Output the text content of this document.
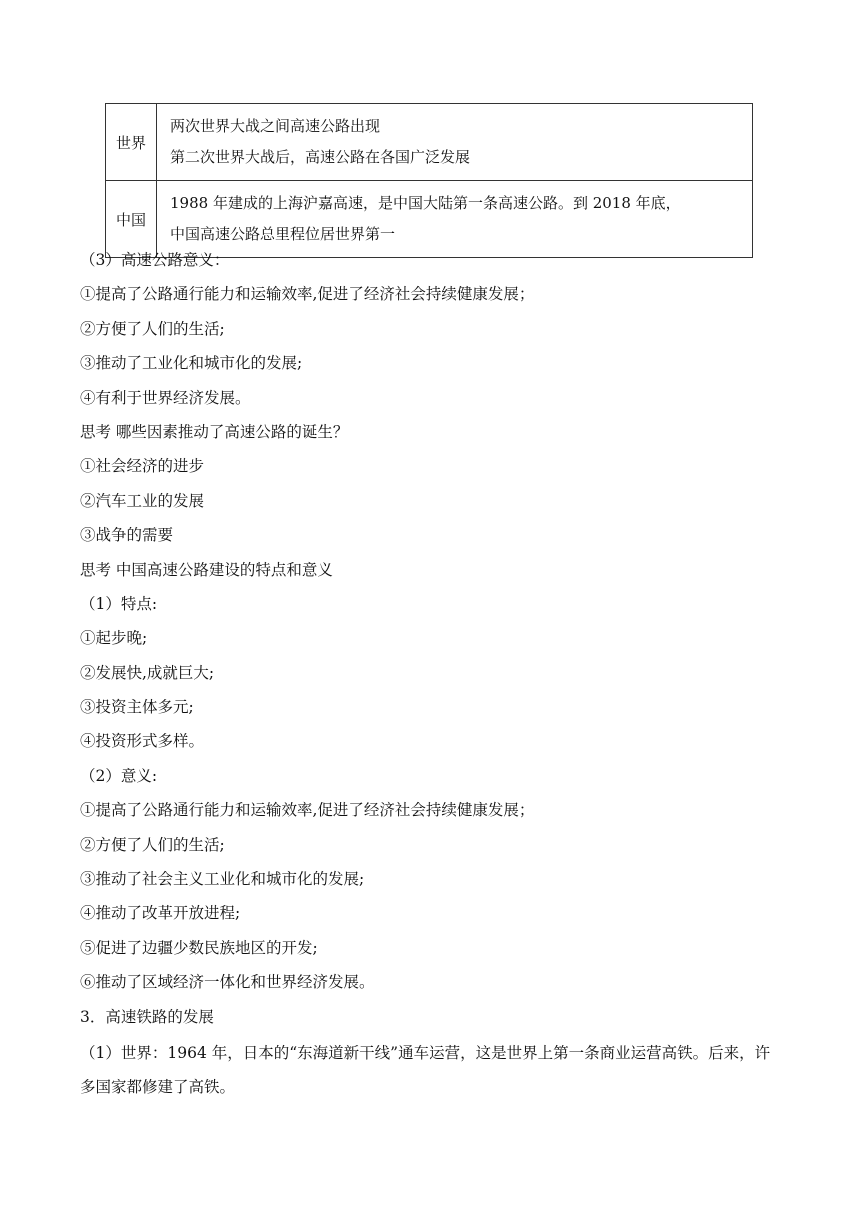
世界	两次世界大战之间高速公路出现
第二次世界大战后，高速公路在各国广泛发展

中国	1988 年建成的上海沪嘉高速，是中国大陆第一条高速公路。到 2018 年底，
中国高速公路总里程位居世界第一
（3）高速公路意义：
①提高了公路通行能力和运输效率,促进了经济社会持续健康发展；
②方便了人们的生活;
③推动了工业化和城市化的发展;
④有利于世界经济发展。
思考 哪些因素推动了高速公路的诞生？
①社会经济的进步
②汽车工业的发展
③战争的需要
思考 中国高速公路建设的特点和意义
（1）特点:
①起步晚;
②发展快,成就巨大;
③投资主体多元;
④投资形式多样。
（2）意义:
①提高了公路通行能力和运输效率,促进了经济社会持续健康发展；
②方便了人们的生活;
③推动了社会主义工业化和城市化的发展;
④推动了改革开放进程;
⑤促进了边疆少数民族地区的开发;
⑥推动了区域经济一体化和世界经济发展。
3．高速铁路的发展
（1）世界：1964 年，日本的“东海道新干线”通车运营，这是世界上第一条商业运营高铁。后来，许多国家都修建了高铁。
